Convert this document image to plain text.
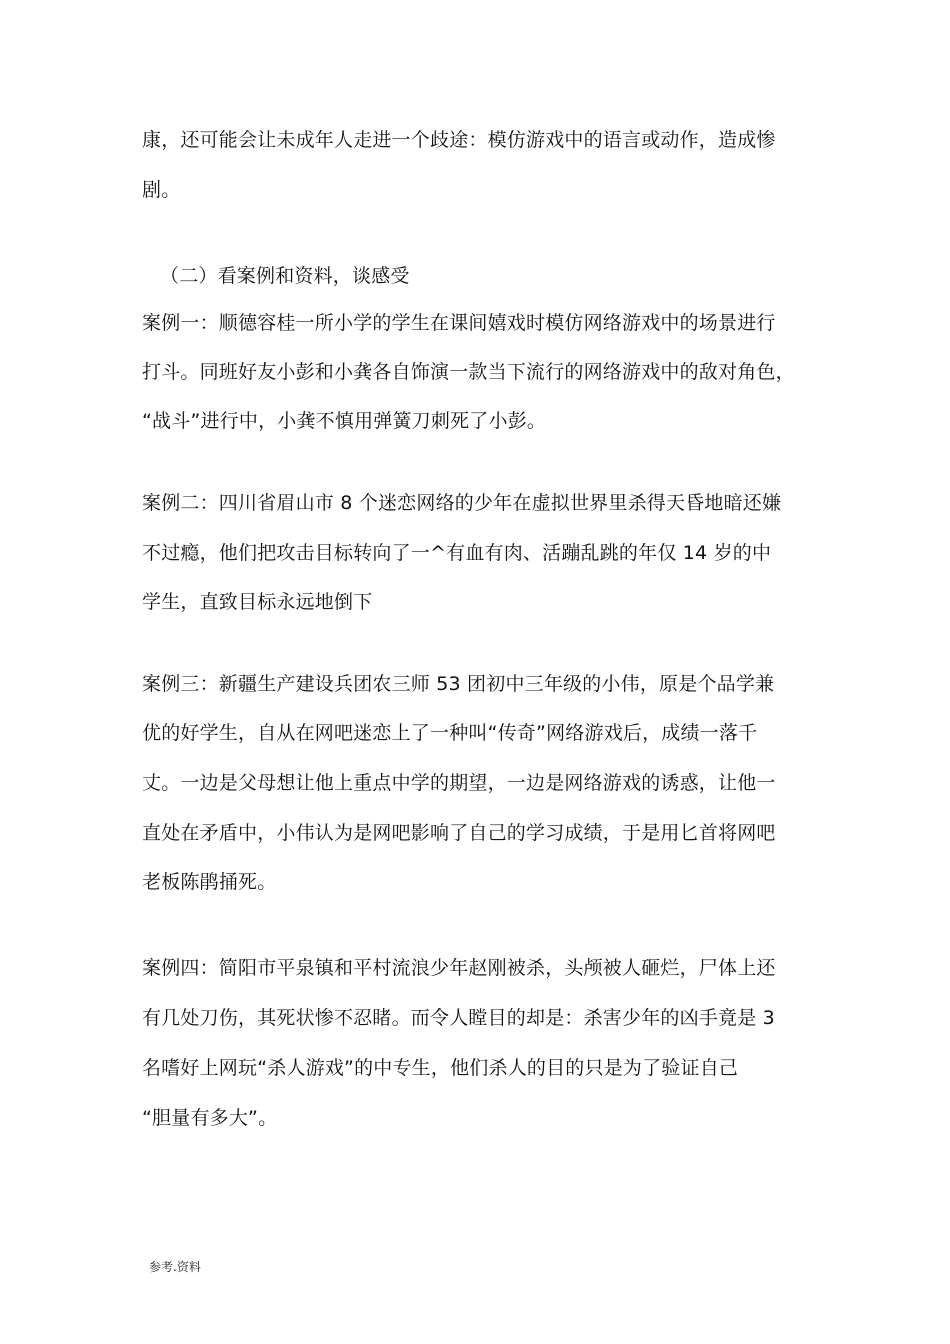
康，还可能会让未成年人走进一个歧途：模仿游戏中的语言或动作，造成惨
剧。
（二）看案例和资料，谈感受
案例一：顺德容桂一所小学的学生在课间嬉戏时模仿网络游戏中的场景进行
打斗。同班好友小彭和小龚各自饰演一款当下流行的网络游戏中的敌对角色，
“战斗”进行中，小龚不慎用弹簧刀刺死了小彭。
案例二：四川省眉山市 8 个迷恋网络的少年在虚拟世界里杀得天昏地暗还嫌
不过瘾，他们把攻击目标转向了一^有血有肉、活蹦乱跳的年仅 14 岁的中
学生，直致目标永远地倒下
案例三：新疆生产建设兵团农三师 53 团初中三年级的小伟，原是个品学兼
优的好学生，自从在网吧迷恋上了一种叫“传奇”网络游戏后，成绩一落千
丈。一边是父母想让他上重点中学的期望，一边是网络游戏的诱惑，让他一
直处在矛盾中，小伟认为是网吧影响了自己的学习成绩，于是用匕首将网吧
老板陈鹃捅死。
案例四：简阳市平泉镇和平村流浪少年赵刚被杀，头颅被人砸烂，尸体上还
有几处刀伤，其死状惨不忍睹。而令人瞠目的却是：杀害少年的凶手竟是 3
名嗜好上网玩“杀人游戏”的中专生，他们杀人的目的只是为了验证自己
“胆量有多大”。
参考.资料
